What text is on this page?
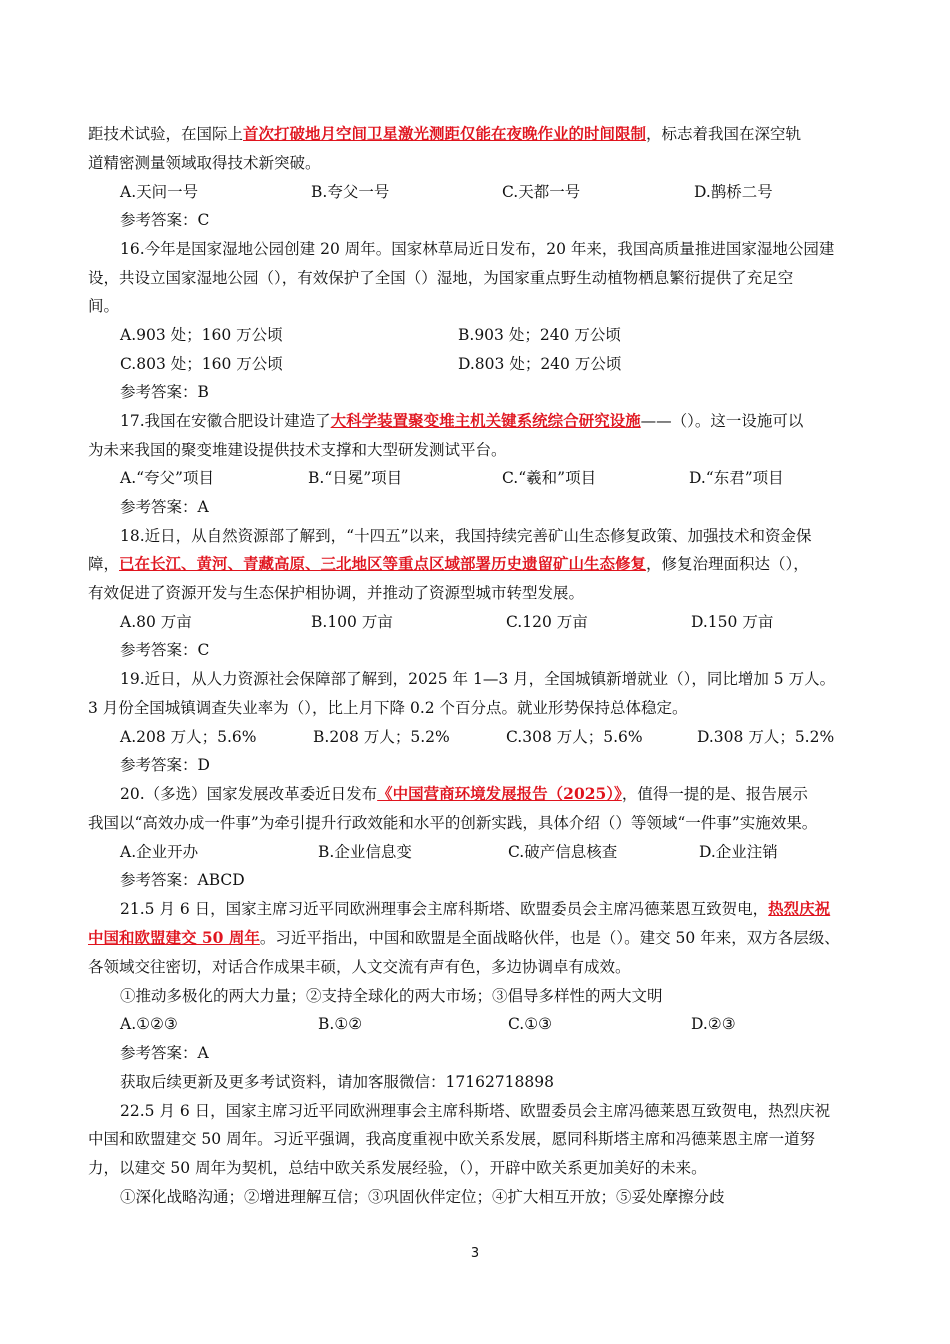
距技术试验，在国际上首次打破地月空间卫星激光测距仅能在夜晚作业的时间限制，标志着我国在深空轨
道精密测量领域取得技术新突破。
A.天问一号	B.夸父一号	C.天都一号	D.鹊桥二号
参考答案：C
16.今年是国家湿地公园创建 20 周年。国家林草局近日发布，20 年来，我国高质量推进国家湿地公园建
设，共设立国家湿地公园（），有效保护了全国（）湿地，为国家重点野生动植物栖息繁衍提供了充足空
间。
A.903 处；160 万公顷	B.903 处；240 万公顷
C.803 处；160 万公顷	D.803 处；240 万公顷
参考答案：B
17.我国在安徽合肥设计建造了大科学装置聚变堆主机关键系统综合研究设施——（）。这一设施可以
为未来我国的聚变堆建设提供技术支撑和大型研发测试平台。
A.“夸父”项目	B.“日冕”项目	C.“羲和”项目	D.“东君”项目
参考答案：A
18.近日，从自然资源部了解到，“十四五”以来，我国持续完善矿山生态修复政策、加强技术和资金保
障，已在长江、黄河、青藏高原、三北地区等重点区域部署历史遗留矿山生态修复，修复治理面积达（），
有效促进了资源开发与生态保护相协调，并推动了资源型城市转型发展。
A.80 万亩	B.100 万亩	C.120 万亩	D.150 万亩
参考答案：C
19.近日，从人力资源社会保障部了解到，2025 年 1—3 月，全国城镇新增就业（），同比增加 5 万人。
3 月份全国城镇调查失业率为（），比上月下降 0.2 个百分点。就业形势保持总体稳定。
A.208 万人；5.6%	B.208 万人；5.2%	C.308 万人；5.6%	D.308 万人；5.2%
参考答案：D
20.（多选）国家发展改革委近日发布《中国营商环境发展报告（2025）》，值得一提的是、报告展示
我国以“高效办成一件事”为牵引提升行政效能和水平的创新实践，具体介绍（）等领域“一件事”实施效果。
A.企业开办	B.企业信息变	C.破产信息核查	D.企业注销
参考答案：ABCD
21.5 月 6 日，国家主席习近平同欧洲理事会主席科斯塔、欧盟委员会主席冯德莱恩互致贺电，热烈庆祝
中国和欧盟建交 50 周年。习近平指出，中国和欧盟是全面战略伙伴，也是（）。建交 50 年来，双方各层级、
各领域交往密切，对话合作成果丰硕，人文交流有声有色，多边协调卓有成效。
①推动多极化的两大力量；②支持全球化的两大市场；③倡导多样性的两大文明
A.①②③	B.①②	C.①③	D.②③
参考答案：A
获取后续更新及更多考试资料，请加客服微信：17162718898
22.5 月 6 日，国家主席习近平同欧洲理事会主席科斯塔、欧盟委员会主席冯德莱恩互致贺电，热烈庆祝
中国和欧盟建交 50 周年。习近平强调，我高度重视中欧关系发展，愿同科斯塔主席和冯德莱恩主席一道努
力，以建交 50 周年为契机，总结中欧关系发展经验，（），开辟中欧关系更加美好的未来。
①深化战略沟通；②增进理解互信；③巩固伙伴定位；④扩大相互开放；⑤妥处摩擦分歧
3
